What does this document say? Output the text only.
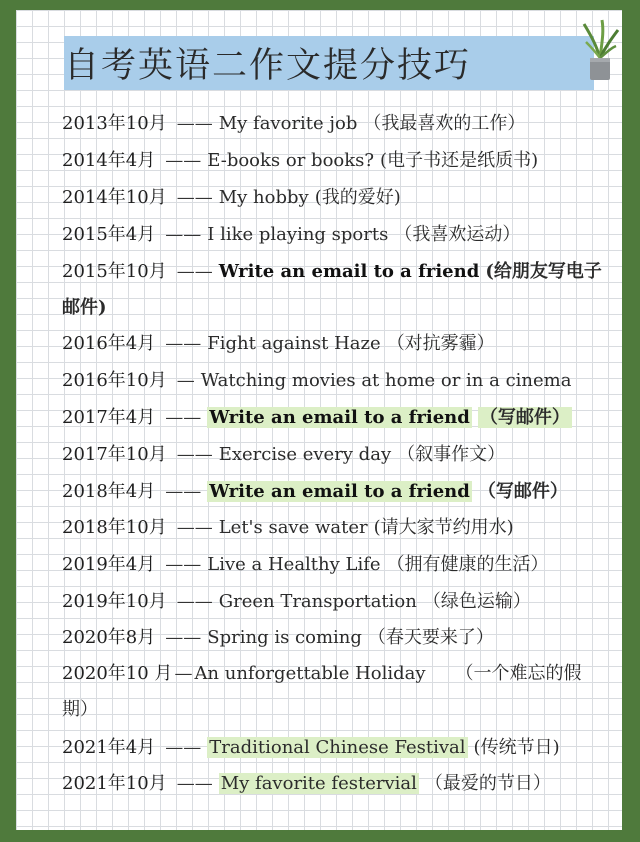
自考英语二作文提分技巧
2013年10月 —— My favorite job （我最喜欢的工作）
2014年4月 —— E-books or books? (电子书还是纸质书)
2014年10月 —— My hobby (我的爱好)
2015年4月 —— I like playing sports （我喜欢运动）
2015年10月 —— Write an email to a friend (给朋友写电子邮件)
2016年4月 —— Fight against Haze （对抗雾霾）
2016年10月 — Watching movies at home or in a cinema
2017年4月 —— Write an email to a friend （写邮件）
2017年10月 —— Exercise every day （叙事作文）
2018年4月 —— Write an email to a friend （写邮件）
2018年10月 —— Let's save water (请大家节约用水)
2019年4月 —— Live a Healthy Life （拥有健康的生活）
2019年10月 —— Green Transportation （绿色运输）
2020年8月 —— Spring is coming （春天要来了）
2020年10 月 — An unforgettable Holiday （一个难忘的假期）
2021年4月 —— Traditional Chinese Festival (传统节日)
2021年10月 —— My favorite festervial （最爱的节日）
